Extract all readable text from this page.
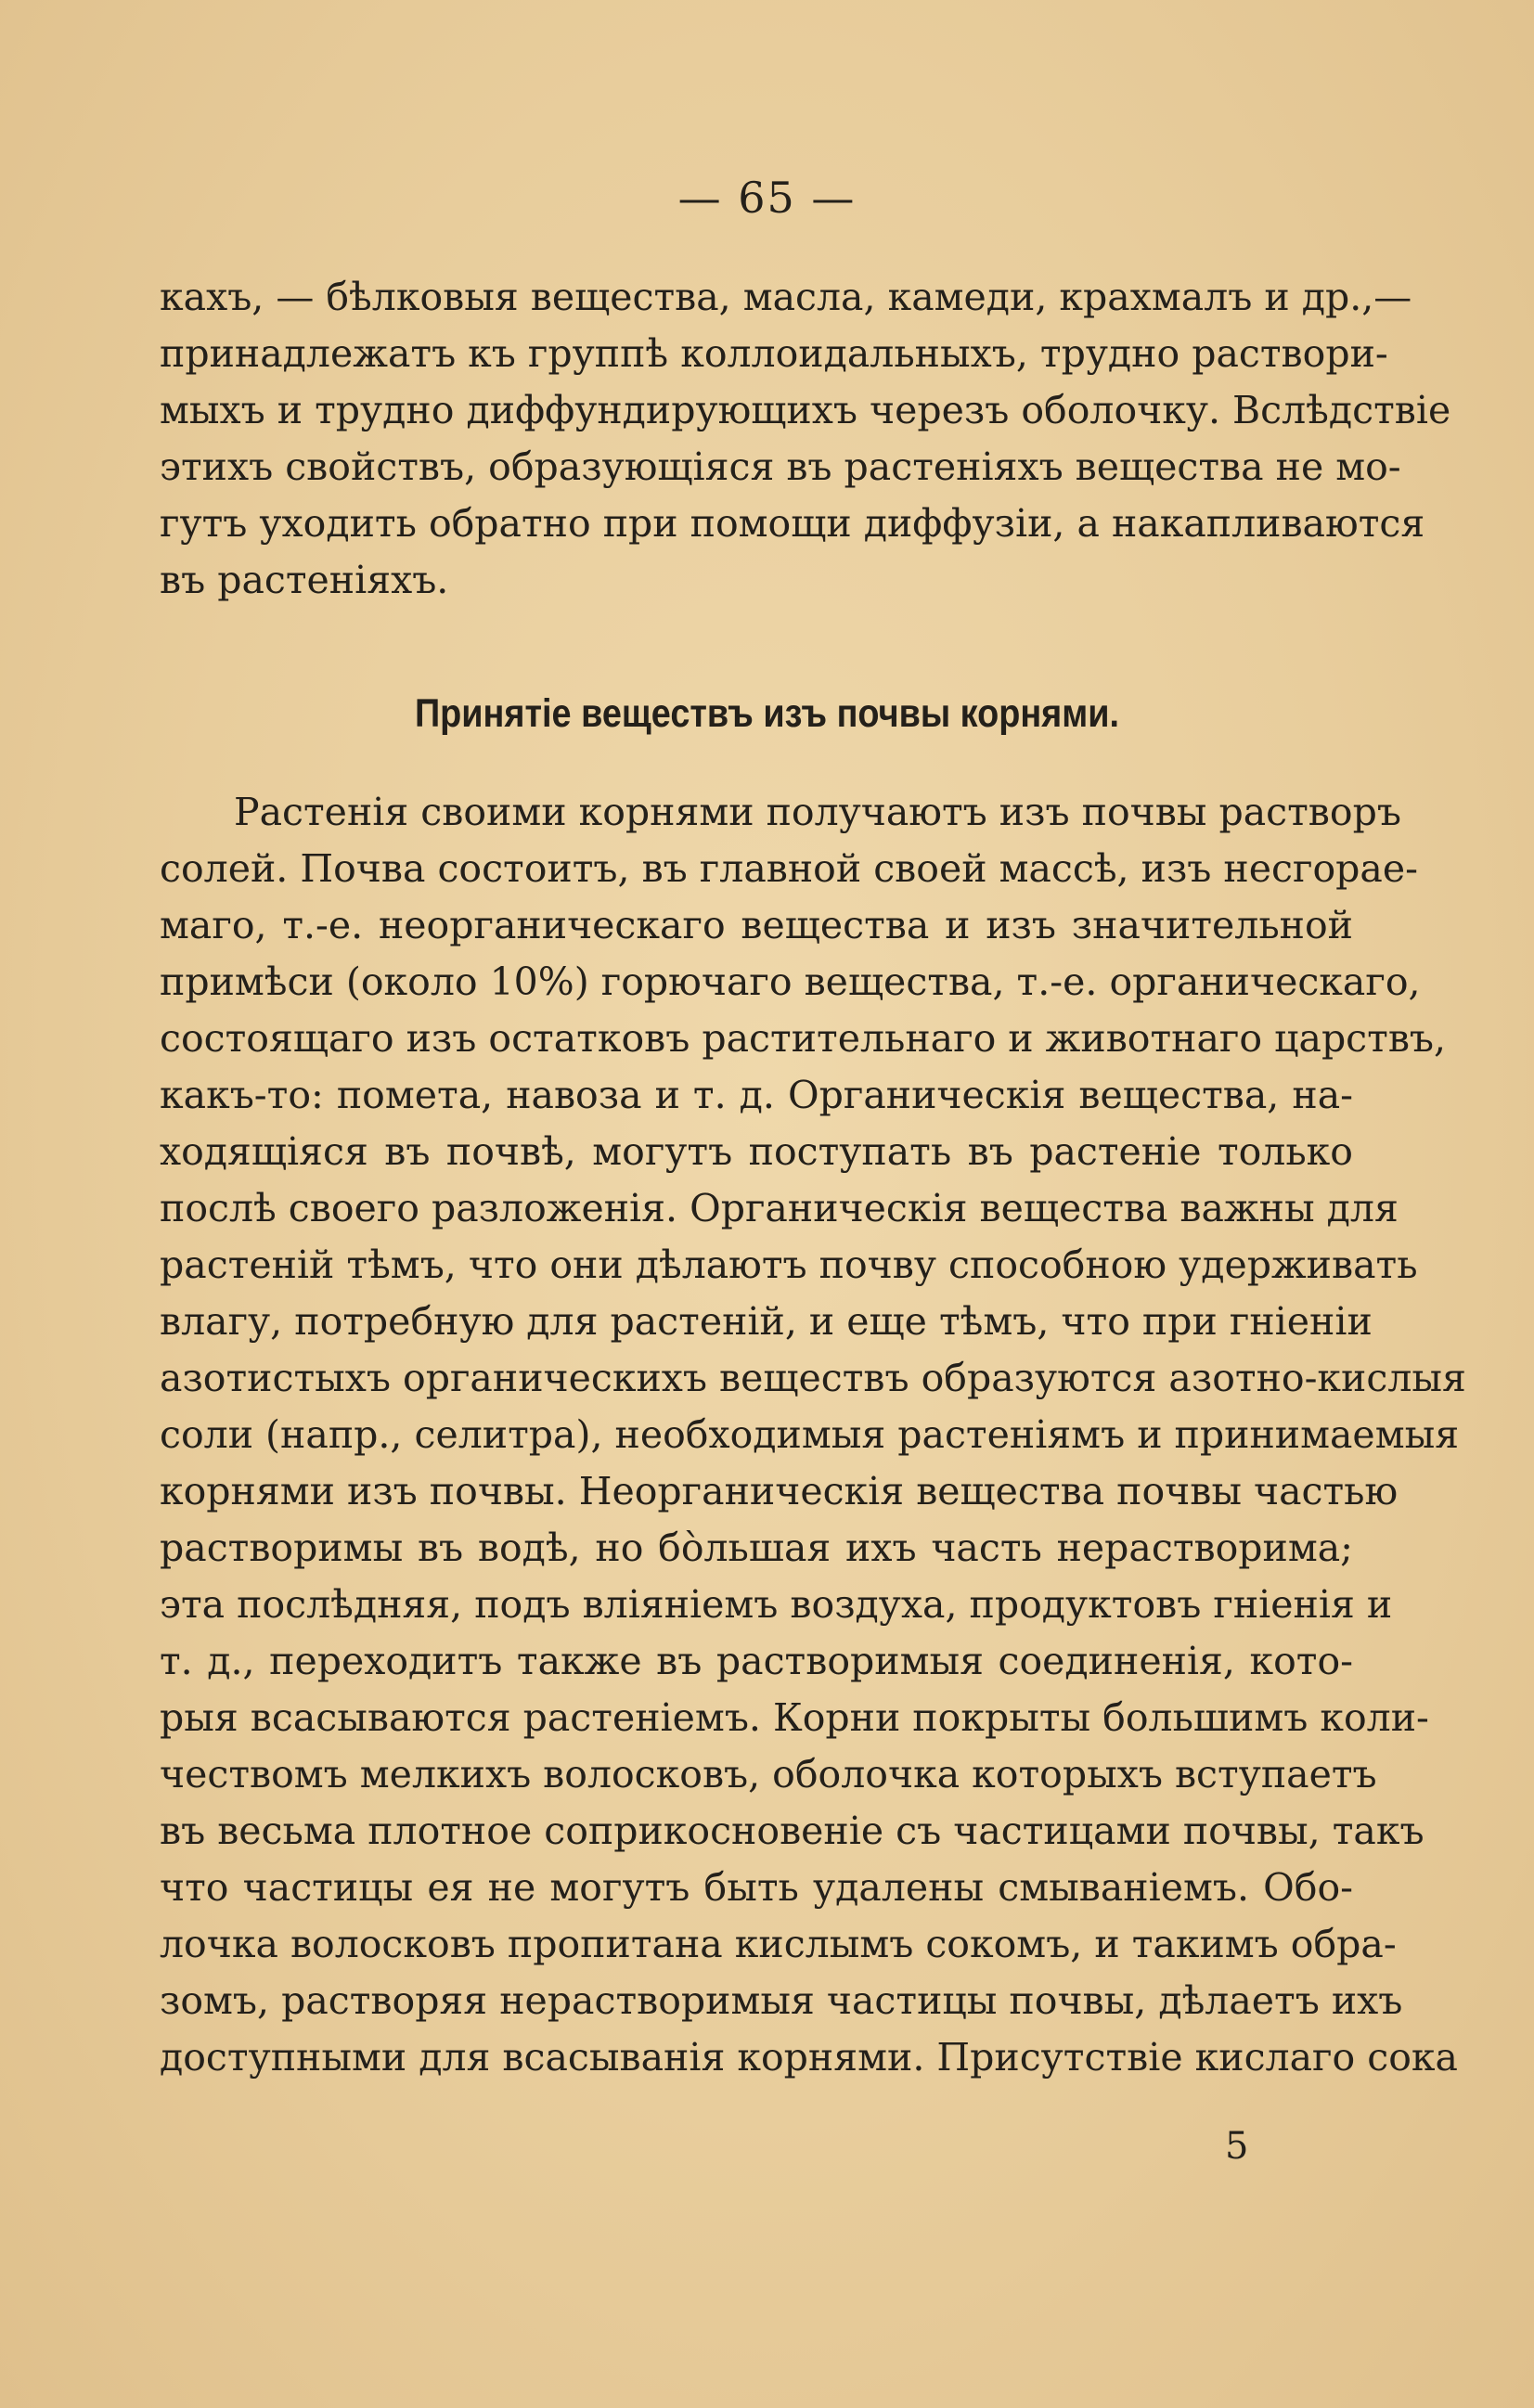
— 65 —
кахъ, — бѣлковыя вещества, масла, камеди, крахмалъ и др.,—
принадлежатъ къ группѣ коллоидальныхъ, трудно раствори-
мыхъ и трудно диффундирующихъ черезъ оболочку. Вслѣдствіе
этихъ свойствъ, образующіяся въ растеніяхъ вещества не мо-
гутъ уходить обратно при помощи диффузіи, а накапливаются
въ растеніяхъ.
Принятіе веществъ изъ почвы корнями.
Растенія своими корнями получаютъ изъ почвы растворъ
солей. Почва состоитъ, въ главной своей массѣ, изъ несгорае-
маго, т.-е. неорганическаго вещества и изъ значительной
примѣси (около 10%) горючаго вещества, т.-е. органическаго,
состоящаго изъ остатковъ растительнаго и животнаго царствъ,
какъ-то: помета, навоза и т. д. Органическія вещества, на-
ходящіяся въ почвѣ, могутъ поступать въ растеніе только
послѣ своего разложенія. Органическія вещества важны для
растеній тѣмъ, что они дѣлаютъ почву способною удерживать
влагу, потребную для растеній, и еще тѣмъ, что при гніеніи
азотистыхъ органическихъ веществъ образуются азотно-кислыя
соли (напр., селитра), необходимыя растеніямъ и принимаемыя
корнями изъ почвы. Неорганическія вещества почвы частью
растворимы въ водѣ, но бо̀льшая ихъ часть нерастворима;
эта послѣдняя, подъ вліяніемъ воздуха, продуктовъ гніенія и
т. д., переходитъ также въ растворимыя соединенія, кото-
рыя всасываются растеніемъ. Корни покрыты большимъ коли-
чествомъ мелкихъ волосковъ, оболочка которыхъ вступаетъ
въ весьма плотное соприкосновеніе съ частицами почвы, такъ
что частицы ея не могутъ быть удалены смываніемъ. Обо-
лочка волосковъ пропитана кислымъ сокомъ, и такимъ обра-
зомъ, растворяя нерастворимыя частицы почвы, дѣлаетъ ихъ
доступными для всасыванія корнями. Присутствіе кислаго сока
5
